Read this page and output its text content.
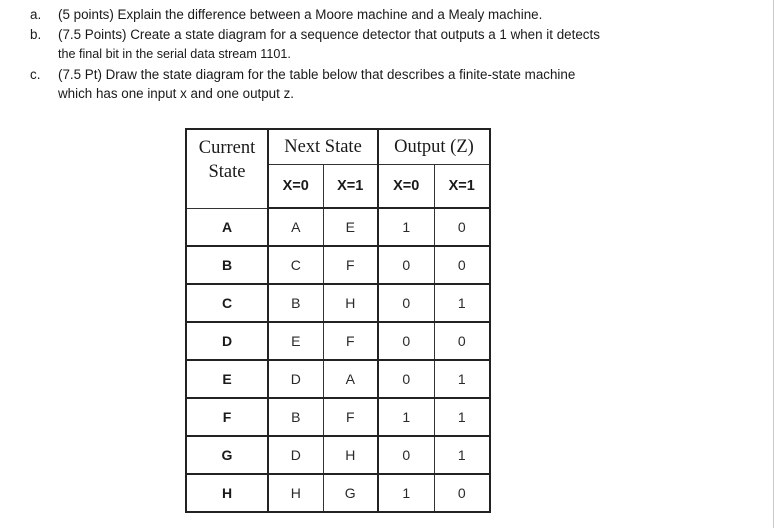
a.	(5 points) Explain the difference between a Moore machine and a Mealy machine.
b.	(7.5 Points) Create a state diagram for a sequence detector that outputs a 1 when it detects
the final bit in the serial data stream 1101.
c.	(7.5 Pt) Draw the state diagram for the table below that describes a finite-state machine
which has one input x and one output z.
Current
State	Next State		Output (Z)	
	X=0	X=1	X=0	X=1
A	A	E	1	0
B	C	F	0	0
C	B	H	0	1
D	E	F	0	0
E	D	A	0	1
F	B	F	1	1
G	D	H	0	1
H	H	G	1	0
